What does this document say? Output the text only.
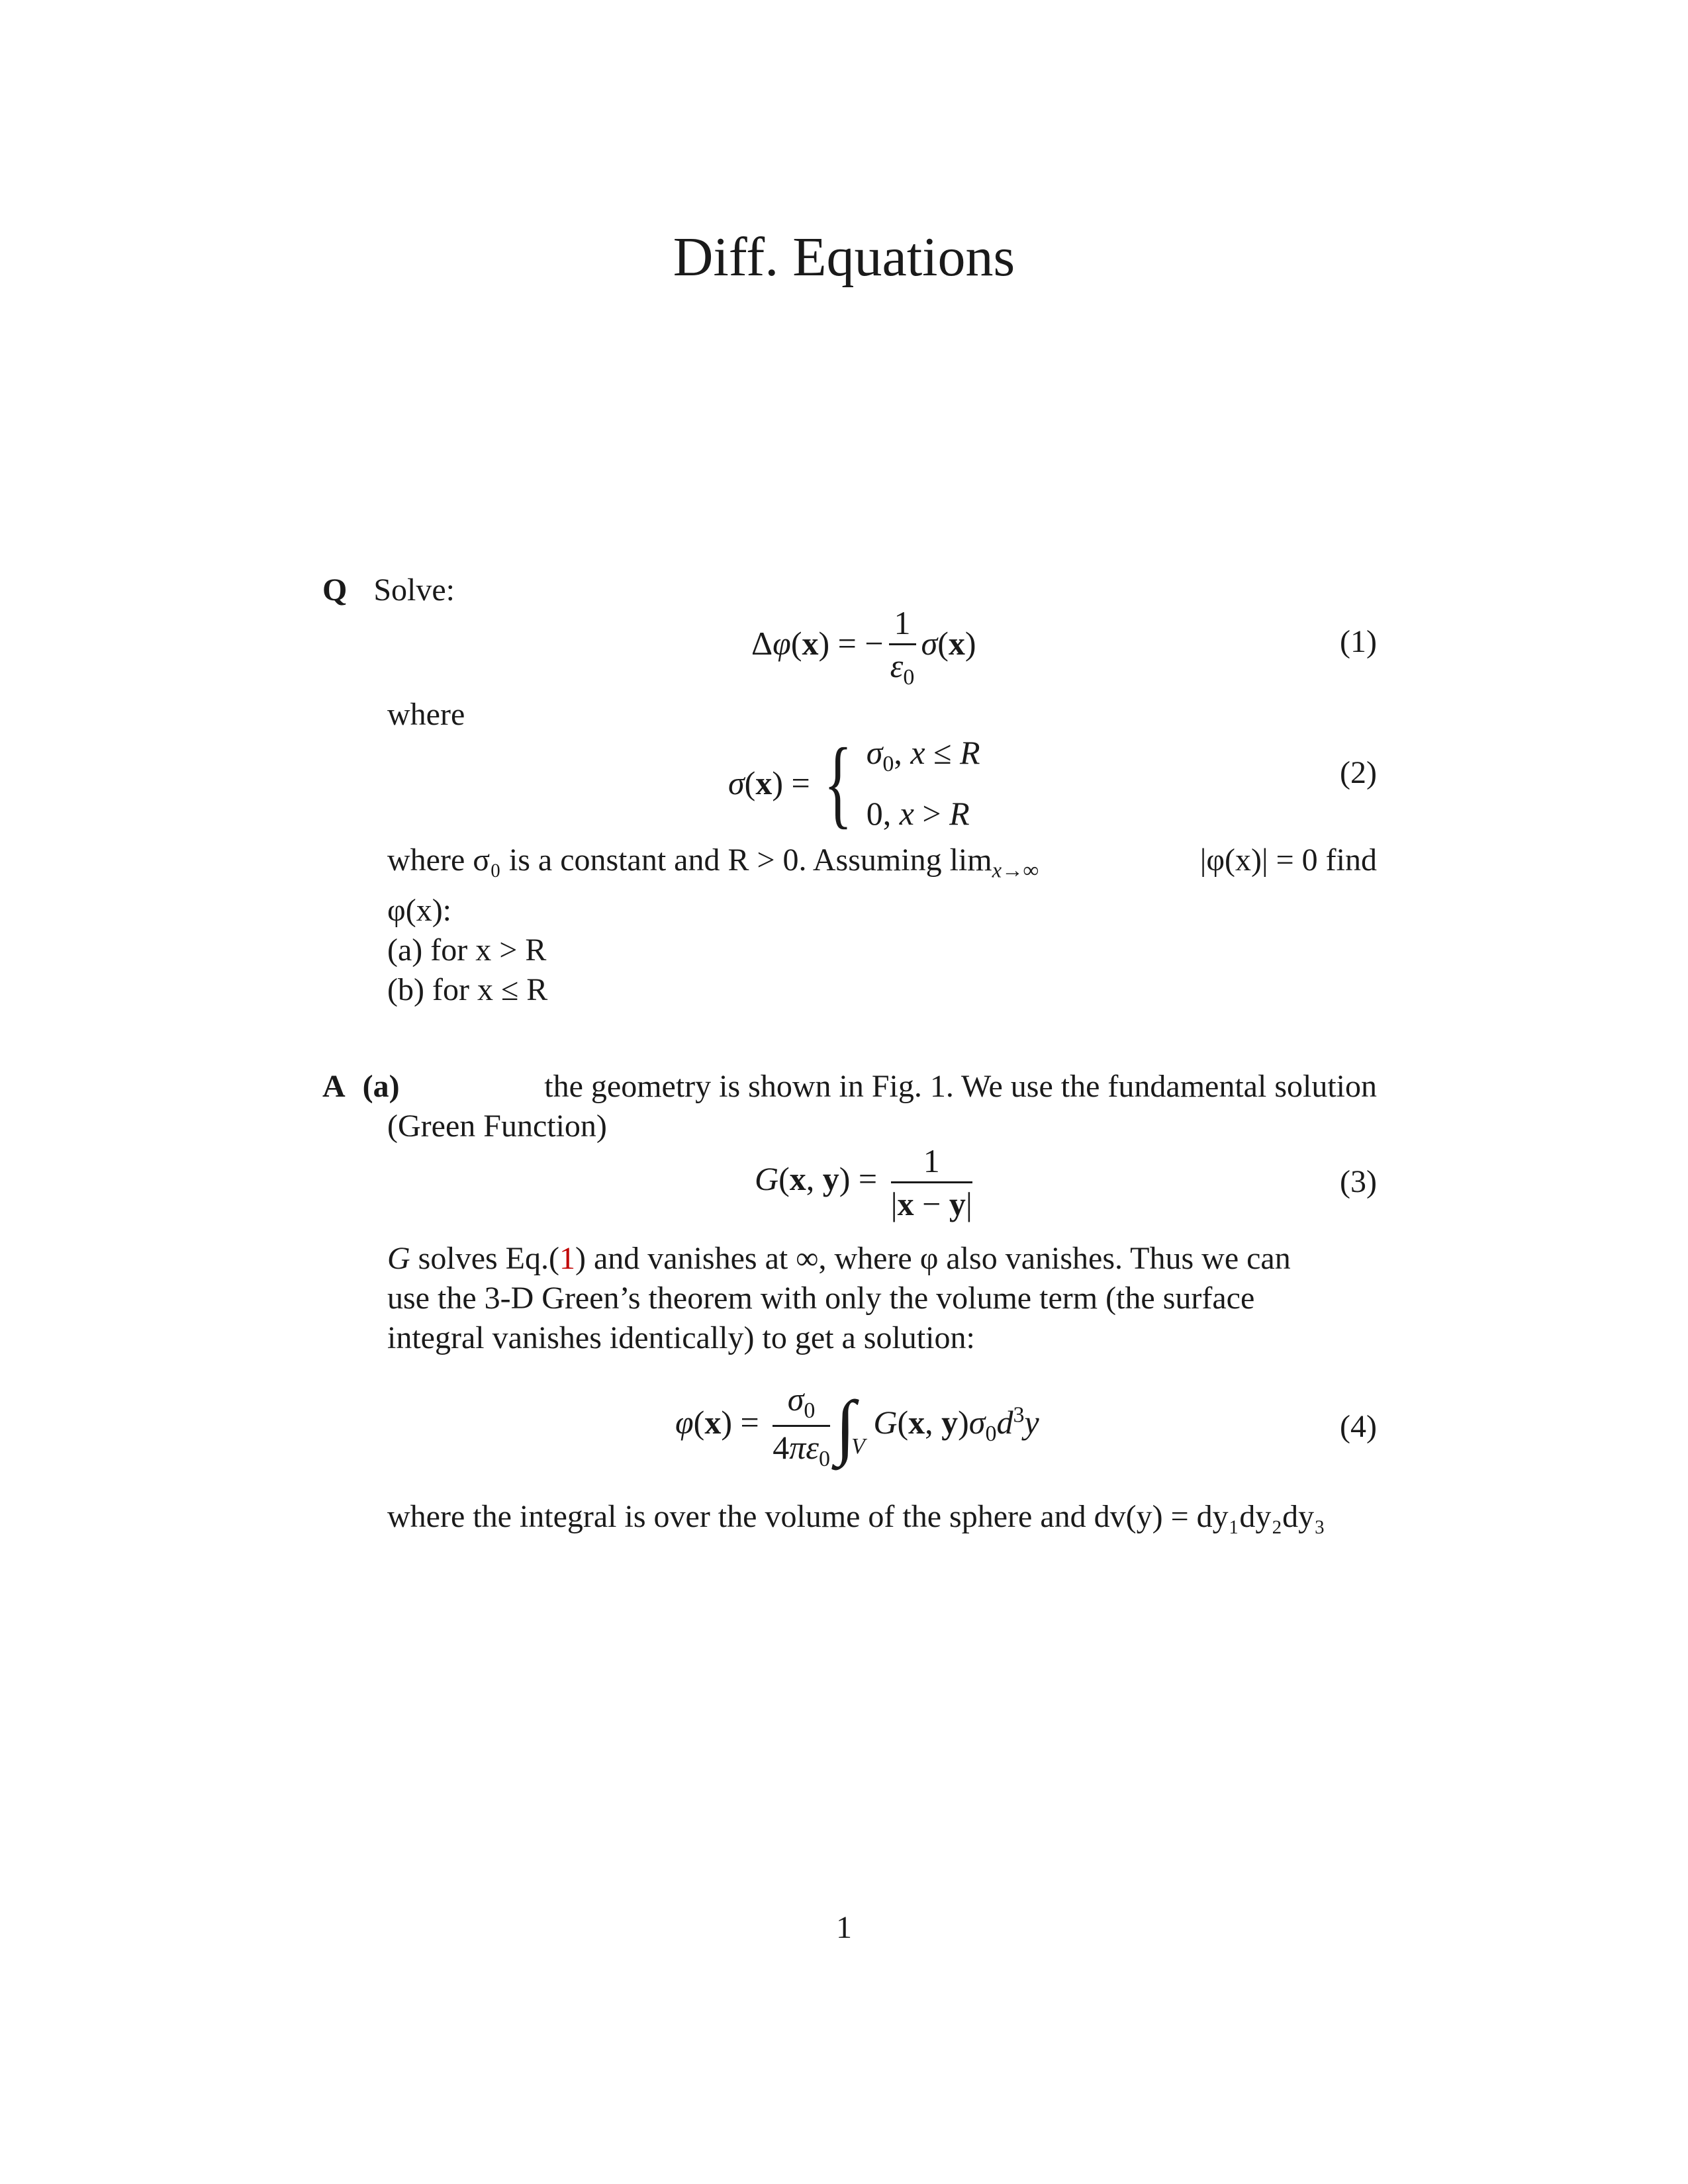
Diff. Equations
Q Solve:
Δφ(x) = − $\frac{1}{\varepsilon_0} \sigma(x)$	(1)
where
σ(x) = { $\sigma_0$, x ≤ R
0, x > R
(2)
where σ₀ is a constant and R > 0. Assuming $\lim_{x\to\infty}$	|φ(x)| = 0 find
φ(x):
(a) for x > R
(b) for x ≤ R
A (a)	the geometry is shown in Fig. 1. We use the fundamental solution
(Green Function)
G(x, $y) = \frac{1}{|x - y|}$	(3)
G solves Eq.(1) and vanishes at ∞, where φ also vanishes. Thus we can
use the 3-D Green’s theorem with only the volume term (the surface
integral vanishes identically) to get a solution:
$\varphi(x) = \frac{\sigma_0}{4\pi\varepsilon_0} \int_V$ G(x, $y)\sigma_0d^3y$	(4)
where the integral is over the volume of the sphere and dv(y) = dy₁dy₂dy₃
1
